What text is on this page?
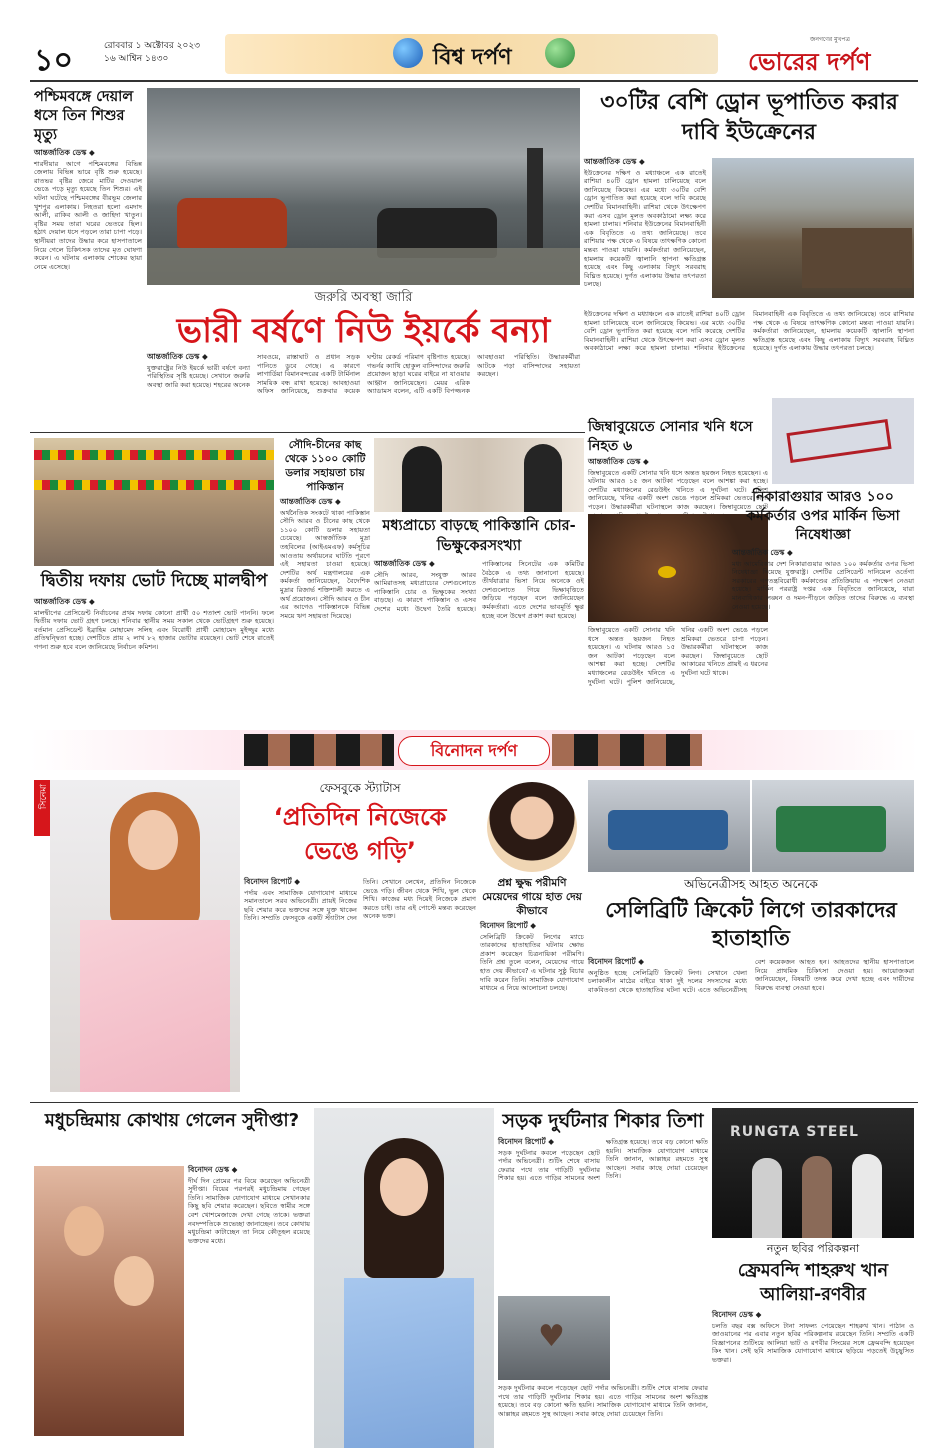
১০	রোববার ১ অক্টোবর ২০২৩
১৬ আশ্বিন ১৪৩০	বিশ্ব দর্পণ
জনগণের মুখপত্র
ভোরের দর্পণ
পশ্চিমবঙ্গে দেয়াল ধসে তিন শিশুর মৃত্যু
আন্তর্জাতিক ডেস্ক ◆
শারদীয়ার আগে পশ্চিমবঙ্গের বিভিন্ন জেলায় বিভিন্ন ভারে বৃষ্টি শুরু হয়েছে। রাতভর বৃষ্টির জেরে মাটির দেওয়াল ভেঙে পড়ে মৃত্যু হয়েছে তিন শিশুর। এই ঘটনা ঘটেছে পশ্চিমবঙ্গের বীরভূম জেলার খুশপুর এলাকায়। নিহতরা হলো এমদাদ আলী, রাকিব আলী ও জাহিদা খাতুন। বৃষ্টির সময় তারা ঘরের ভেতরে ছিল। হঠাৎ দেয়াল ধসে পড়লে তারা চাপা পড়ে। স্থানীয়রা তাদের উদ্ধার করে হাসপাতালে নিয়ে গেলে চিকিৎসক তাদের মৃত ঘোষণা করেন। এ ঘটনায় এলাকায় শোকের ছায়া নেমে এসেছে।
৩০টির বেশি ড্রোন ভূপাতিত করার দাবি ইউক্রেনের
আন্তর্জাতিক ডেস্ক ◆
ইউক্রেনের দক্ষিণ ও মধ্যাঞ্চলে এক রাতেই রাশিয়া ৪০টি ড্রোন হামলা চালিয়েছে বলে জানিয়েছে কিয়েভ। এর মধ্যে ৩০টির বেশি ড্রোন ভূপাতিত করা হয়েছে বলে দাবি করেছে দেশটির বিমানবাহিনী। রাশিয়া থেকে উৎক্ষেপণ করা এসব ড্রোন মূলত অবকাঠামো লক্ষ্য করে হামলা চালায়। শনিবার ইউক্রেনের বিমানবাহিনী এক বিবৃতিতে এ তথ্য জানিয়েছে। তবে রাশিয়ার পক্ষ থেকে এ বিষয়ে তাৎক্ষণিক কোনো মন্তব্য পাওয়া যায়নি। কর্মকর্তারা জানিয়েছেন, হামলায় কয়েকটি জ্বালানি স্থাপনা ক্ষতিগ্রস্ত হয়েছে এবং কিছু এলাকায় বিদ্যুৎ সরবরাহ বিঘ্নিত হয়েছে। দুর্গত এলাকায় উদ্ধার তৎপরতা চলছে।
ইউক্রেনের দক্ষিণ ও মধ্যাঞ্চলে এক রাতেই রাশিয়া ৪০টি ড্রোন হামলা চালিয়েছে বলে জানিয়েছে কিয়েভ। এর মধ্যে ৩০টির বেশি ড্রোন ভূপাতিত করা হয়েছে বলে দাবি করেছে দেশটির বিমানবাহিনী। রাশিয়া থেকে উৎক্ষেপণ করা এসব ড্রোন মূলত অবকাঠামো লক্ষ্য করে হামলা চালায়। শনিবার ইউক্রেনের বিমানবাহিনী এক বিবৃতিতে এ তথ্য জানিয়েছে। তবে রাশিয়ার পক্ষ থেকে এ বিষয়ে তাৎক্ষণিক কোনো মন্তব্য পাওয়া যায়নি। কর্মকর্তারা জানিয়েছেন, হামলায় কয়েকটি জ্বালানি স্থাপনা ক্ষতিগ্রস্ত হয়েছে এবং কিছু এলাকায় বিদ্যুৎ সরবরাহ বিঘ্নিত হয়েছে। দুর্গত এলাকায় উদ্ধার তৎপরতা চলছে।
জরুরি অবস্থা জারি
ভারী বর্ষণে নিউ ইয়র্কে বন্যা
আন্তর্জাতিক ডেস্ক ◆
যুক্তরাষ্ট্রের নিউ ইয়র্কে ভারী বর্ষণে বন্যা পরিস্থিতির সৃষ্টি হয়েছে। সেখানে জরুরি অবস্থা জারি করা হয়েছে। শহরের অনেক সাবওয়ে, রাস্তাঘাট ও প্রধান সড়ক পানিতে ডুবে গেছে। এ কারণে লাগার্ডিয়া বিমানবন্দরের একটি টার্মিনাল সাময়িক বন্ধ রাখা হয়েছে। আবহাওয়া অফিস জানিয়েছে, শুক্রবার কয়েক ঘণ্টায় রেকর্ড পরিমাণ বৃষ্টিপাত হয়েছে। গভর্নর ক্যাথি হোকুল বাসিন্দাদের জরুরি প্রয়োজন ছাড়া ঘরের বাইরে না যাওয়ার আহ্বান জানিয়েছেন। মেয়র এরিক অ্যাডামস বলেন, এটি একটি বিপজ্জনক আবহাওয়া পরিস্থিতি। উদ্ধারকর্মীরা আটকে পড়া বাসিন্দাদের সহায়তা করছেন।
দ্বিতীয় দফায় ভোট দিচ্ছে মালদ্বীপ
আন্তর্জাতিক ডেস্ক ◆
মালদ্বীপের প্রেসিডেন্ট নির্বাচনের প্রথম দফায় কোনো প্রার্থী ৫০ শতাংশ ভোট পাননি। ফলে দ্বিতীয় দফায় ভোট গ্রহণ চলছে। শনিবার স্থানীয় সময় সকাল থেকে ভোটগ্রহণ শুরু হয়েছে। বর্তমান প্রেসিডেন্ট ইব্রাহিম মোহামেদ সলিহ এবং বিরোধী প্রার্থী মোহামেদ মুইজ্জুর মধ্যে প্রতিদ্বন্দ্বিতা হচ্ছে। দেশটিতে প্রায় ২ লাখ ৮২ হাজার ভোটার রয়েছেন। ভোট শেষে রাতেই গণনা শুরু হবে বলে জানিয়েছে নির্বাচন কমিশন।
সৌদি-চীনের কাছ থেকে ১১০০ কোটি ডলার সহায়তা চায় পাকিস্তান
আন্তর্জাতিক ডেস্ক ◆
অর্থনৈতিক সংকটে থাকা পাকিস্তান সৌদি আরব ও চীনের কাছ থেকে ১১০০ কোটি ডলার সহায়তা চেয়েছে। আন্তর্জাতিক মুদ্রা তহবিলের (আইএমএফ) কর্মসূচির আওতায় অর্থায়নের ঘাটতি পূরণে এই সহায়তা চাওয়া হয়েছে। দেশটির অর্থ মন্ত্রণালয়ের এক কর্মকর্তা জানিয়েছেন, বৈদেশিক মুদ্রার রিজার্ভ শক্তিশালী করতে এ অর্থ প্রয়োজন। সৌদি আরব ও চীন এর আগেও পাকিস্তানকে বিভিন্ন সময়ে ঋণ সহায়তা দিয়েছে।
মধ্যপ্রাচ্যে বাড়ছে পাকিস্তানি চোর-ভিক্ষুকেরসংখ্যা
আন্তর্জাতিক ডেস্ক ◆
সৌদি আরব, সংযুক্ত আরব আমিরাতসহ মধ্যপ্রাচ্যের দেশগুলোতে পাকিস্তানি চোর ও ভিক্ষুকের সংখ্যা বাড়ছে। এ কারণে পাকিস্তান ও এসব দেশের মধ্যে উদ্বেগ তৈরি হয়েছে। পাকিস্তানের সিনেটের এক কমিটির বৈঠকে এ তথ্য জানানো হয়েছে। তীর্থযাত্রার ভিসা নিয়ে অনেকে ওই দেশগুলোতে গিয়ে ভিক্ষাবৃত্তিতে জড়িয়ে পড়ছেন বলে জানিয়েছেন কর্মকর্তারা। এতে দেশের ভাবমূর্তি ক্ষুণ্ণ হচ্ছে বলে উদ্বেগ প্রকাশ করা হয়েছে।
জিম্বাবুয়েতে সোনার খনি ধসে নিহত ৬
আন্তর্জাতিক ডেস্ক ◆
জিম্বাবুয়েতে একটি সোনার খনি ধসে অন্তত ছয়জন নিহত হয়েছেন। এ ঘটনায় আরও ১৫ জন আটকা পড়েছেন বলে আশঙ্কা করা হচ্ছে। দেশটির মধ্যাঞ্চলের রেডউইং খনিতে এ দুর্ঘটনা ঘটে। পুলিশ জানিয়েছে, খনির একটি অংশ ভেঙে পড়লে শ্রমিকরা ভেতরে চাপা পড়েন। উদ্ধারকর্মীরা ঘটনাস্থলে কাজ করছেন। জিম্বাবুয়েতে ছোট
জিম্বাবুয়েতে একটি সোনার খনি ধসে অন্তত ছয়জন নিহত হয়েছেন। এ ঘটনায় আরও ১৫ জন আটকা পড়েছেন বলে আশঙ্কা করা হচ্ছে। দেশটির মধ্যাঞ্চলের রেডউইং খনিতে এ দুর্ঘটনা ঘটে। পুলিশ জানিয়েছে, খনির একটি অংশ ভেঙে পড়লে শ্রমিকরা ভেতরে চাপা পড়েন। উদ্ধারকর্মীরা ঘটনাস্থলে কাজ করছেন। জিম্বাবুয়েতে ছোট আকারের খনিতে প্রায়ই এ ধরনের দুর্ঘটনা ঘটে থাকে।
নিকারাগুয়ার আরও ১০০ কর্মকর্তার ওপর মার্কিন ভিসা নিষেধাজ্ঞা
আন্তর্জাতিক ডেস্ক ◆
মধ্য আমেরিকার দেশ নিকারাগুয়ার আরও ১০০ কর্মকর্তার ওপর ভিসা নিষেধাজ্ঞা দিয়েছে যুক্তরাষ্ট্র। দেশটির প্রেসিডেন্ট দানিয়েল ওর্তেগা সরকারের গণতন্ত্রবিরোধী কর্মকাণ্ডের প্রতিক্রিয়ায় এ পদক্ষেপ নেওয়া হয়েছে। মার্কিন পররাষ্ট্র দপ্তর এক বিবৃতিতে জানিয়েছে, যারা মানবাধিকার লঙ্ঘন ও দমন-পীড়নে জড়িত তাদের বিরুদ্ধে এ ব্যবস্থা নেওয়া হয়েছে।
বিনোদন দর্পণ
সিনেমা	ফেসবুকে স্ট্যাটাস
‘প্রতিদিন নিজেকে ভেঙে গড়ি’
বিনোদন রিপোর্ট ◆
পর্দায় এবং সামাজিক যোগাযোগ মাধ্যমে সমানতালে সরব অভিনেত্রী। প্রায়ই নিজের ছবি শেয়ার করে ভক্তদের সঙ্গে যুক্ত থাকেন তিনি। সম্প্রতি ফেসবুকে একটি স্ট্যাটাস দেন তিনি। সেখানে লেখেন, প্রতিদিন নিজেকে ভেঙে গড়ি। জীবন থেকে শিখি, ভুল থেকে শিখি। কাজের মধ্য দিয়েই নিজেকে প্রমাণ করতে চাই। তার এই পোস্টে মন্তব্য করেছেন অনেক ভক্ত।
প্রশ্ন ক্ষুদ্ধ পরীমণি মেয়েদের গায়ে হাত দেয় কীভাবে
বিনোদন রিপোর্ট ◆
সেলিব্রিটি ক্রিকেট লিগের ম্যাচে তারকাদের হাতাহাতির ঘটনায় ক্ষোভ প্রকাশ করেছেন চিত্রনায়িকা পরীমণি। তিনি প্রশ্ন তুলে বলেন, মেয়েদের গায়ে হাত দেয় কীভাবে? এ ঘটনার সুষ্ঠু বিচার দাবি করেন তিনি। সামাজিক যোগাযোগ মাধ্যমে এ নিয়ে আলোচনা চলছে।
অভিনেত্রীসহ আহত অনেকে
সেলিব্রিটি ক্রিকেট লিগে তারকাদের হাতাহাতি
বিনোদন রিপোর্ট ◆
অনুষ্ঠিত হচ্ছে সেলিব্রিটি ক্রিকেট লিগ। সেখানে খেলা চলাকালীন মাঠের বাইরে থাকা দুই দলের সদস্যদের মধ্যে বাকবিতণ্ডা থেকে হাতাহাতির ঘটনা ঘটে। এতে অভিনেত্রীসহ বেশ কয়েকজন আহত হন। আহতদের স্থানীয় হাসপাতালে নিয়ে প্রাথমিক চিকিৎসা দেওয়া হয়। আয়োজকরা জানিয়েছেন, বিষয়টি তদন্ত করে দেখা হচ্ছে এবং দায়ীদের বিরুদ্ধে ব্যবস্থা নেওয়া হবে।
মধুচন্দ্রিমায় কোথায় গেলেন সুদীপ্তা?
বিনোদন ডেস্ক ◆
দীর্ঘ দিন প্রেমের পর বিয়ে করেছেন অভিনেত্রী সুদীপ্তা। বিয়ের পরপরই মধুচন্দ্রিমায় গেছেন তিনি। সামাজিক যোগাযোগ মাধ্যমে সেখানকার কিছু ছবি শেয়ার করেছেন। ছবিতে স্বামীর সঙ্গে বেশ খোশমেজাজে দেখা গেছে তাকে। ভক্তরা নবদম্পতিকে শুভেচ্ছা জানাচ্ছেন। তবে কোথায় মধুচন্দ্রিমা কাটাচ্ছেন তা নিয়ে কৌতূহল রয়েছে ভক্তদের মধ্যে।
সড়ক দুর্ঘটনার শিকার তিশা
বিনোদন রিপোর্ট ◆
সড়ক দুর্ঘটনার কবলে পড়েছেন ছোট পর্দার অভিনেত্রী। শুটিং শেষে বাসায় ফেরার পথে তার গাড়িটি দুর্ঘটনার শিকার হয়। এতে গাড়ির সামনের অংশ ক্ষতিগ্রস্ত হয়েছে। তবে বড় কোনো ক্ষতি হয়নি। সামাজিক যোগাযোগ মাধ্যমে তিনি জানান, আল্লাহর রহমতে সুস্থ আছেন। সবার কাছে দোয়া চেয়েছেন তিনি।
♥
সড়ক দুর্ঘটনার কবলে পড়েছেন ছোট পর্দার অভিনেত্রী। শুটিং শেষে বাসায় ফেরার পথে তার গাড়িটি দুর্ঘটনার শিকার হয়। এতে গাড়ির সামনের অংশ ক্ষতিগ্রস্ত হয়েছে। তবে বড় কোনো ক্ষতি হয়নি। সামাজিক যোগাযোগ মাধ্যমে তিনি জানান, আল্লাহর রহমতে সুস্থ আছেন। সবার কাছে দোয়া চেয়েছেন তিনি।
RUNGTA STEEL
নতুন ছবির পরিকল্পনা
ফ্রেমবন্দি শাহরুখ খান আলিয়া-রণবীর
বিনোদন ডেস্ক ◆
চলতি বছর বক্স অফিসে টানা সাফল্য পেয়েছেন শাহরুখ খান। পাঠান ও জাওয়ানের পর এবার নতুন ছবির পরিকল্পনায় রয়েছেন তিনি। সম্প্রতি একটি বিজ্ঞাপনের শুটিংয়ে আলিয়া ভাট ও রণবীর সিংয়ের সঙ্গে ফ্রেমবন্দি হয়েছেন কিং খান। সেই ছবি সামাজিক যোগাযোগ মাধ্যমে ছড়িয়ে পড়তেই উচ্ছ্বসিত ভক্তরা।
